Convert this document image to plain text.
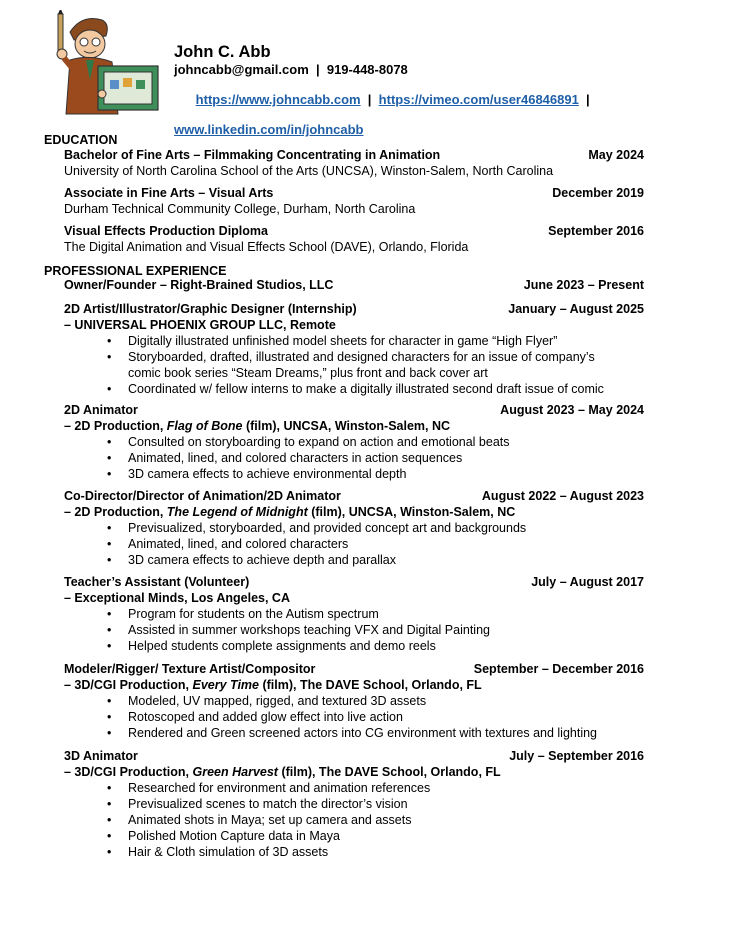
John C. Abb
johncabb@gmail.com  |  919-448-8078

https://www.johncabb.com  |  https://vimeo.com/user46846891  |

www.linkedin.com/in/johncabb
EDUCATION
Bachelor of Fine Arts – Filmmaking Concentrating in Animation	May 2024
University of North Carolina School of the Arts (UNCSA), Winston-Salem, North Carolina
Associate in Fine Arts – Visual Arts	December 2019
Durham Technical Community College, Durham, North Carolina
Visual Effects Production Diploma	September 2016
The Digital Animation and Visual Effects School (DAVE), Orlando, Florida
PROFESSIONAL EXPERIENCE
Owner/Founder – Right-Brained Studios, LLC	June 2023 – Present
2D Artist/Illustrator/Graphic Designer (Internship)	January – August 2025
– UNIVERSAL PHOENIX GROUP LLC, Remote
• Digitally illustrated unfinished model sheets for character in game “High Flyer”
• Storyboarded, drafted, illustrated and designed characters for an issue of company’s
comic book series “Steam Dreams,” plus front and back cover art
• Coordinated w/ fellow interns to make a digitally illustrated second draft issue of comic
2D Animator	August 2023 – May 2024
– 2D Production, Flag of Bone (film), UNCSA, Winston-Salem, NC
• Consulted on storyboarding to expand on action and emotional beats
• Animated, lined, and colored characters in action sequences
• 3D camera effects to achieve environmental depth
Co-Director/Director of Animation/2D Animator	August 2022 – August 2023
– 2D Production, The Legend of Midnight (film), UNCSA, Winston-Salem, NC
• Previsualized, storyboarded, and provided concept art and backgrounds
• Animated, lined, and colored characters
• 3D camera effects to achieve depth and parallax
Teacher’s Assistant (Volunteer)	July – August 2017
– Exceptional Minds, Los Angeles, CA
• Program for students on the Autism spectrum
• Assisted in summer workshops teaching VFX and Digital Painting
• Helped students complete assignments and demo reels
Modeler/Rigger/ Texture Artist/Compositor	September – December 2016
– 3D/CGI Production, Every Time (film), The DAVE School, Orlando, FL
• Modeled, UV mapped, rigged, and textured 3D assets
• Rotoscoped and added glow effect into live action
• Rendered and Green screened actors into CG environment with textures and lighting
3D Animator	July – September 2016
– 3D/CGI Production, Green Harvest (film), The DAVE School, Orlando, FL
• Researched for environment and animation references
• Previsualized scenes to match the director’s vision
• Animated shots in Maya; set up camera and assets
• Polished Motion Capture data in Maya
• Hair & Cloth simulation of 3D assets
